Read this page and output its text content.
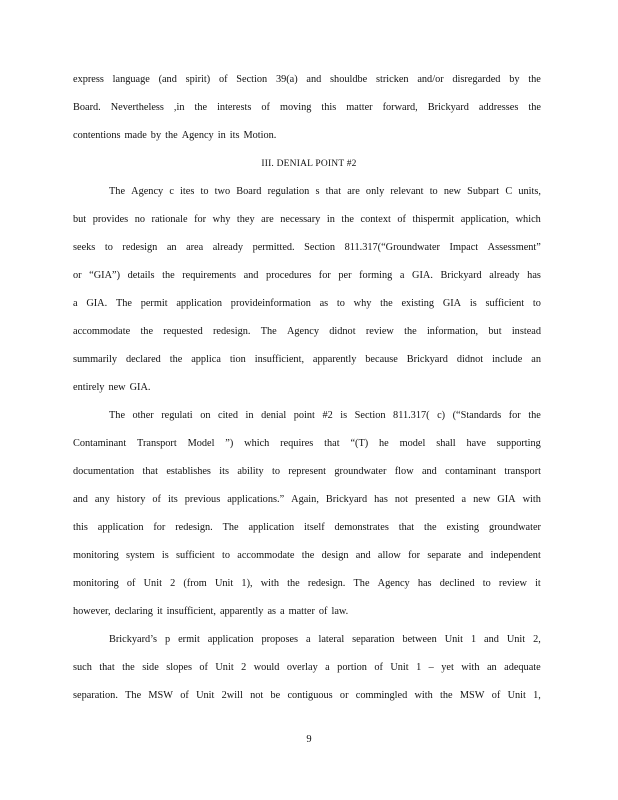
express language (and spirit) of Section 39(a) and shouldbe stricken and/or disregarded by the
Board. Nevertheless ,in the interests of moving this matter forward, Brickyard addresses the
contentions made by the Agency in its Motion.
III. DENIAL POINT #2
The Agency c ites to two Board regulation s that are only relevant to new Subpart C units,
but provides no rationale for why they are necessary in the context of thispermit application, which
seeks to redesign an area already permitted. Section 811.317(“Groundwater Impact Assessment”
or “GIA”) details the requirements and procedures for per forming a GIA. Brickyard already has
a GIA. The permit application provideinformation as to why the existing GIA is sufficient to
accommodate the requested redesign. The Agency didnot review the information, but instead
summarily declared the applica tion insufficient, apparently because Brickyard didnot include an
entirely new GIA.
The other regulati on cited in denial point #2 is Section 811.317( c) (“Standards for the
Contaminant Transport Model ”) which requires that “(T) he model shall have supporting
documentation that establishes its ability to represent groundwater flow and contaminant transport
and any history of its previous applications.” Again, Brickyard has not presented a new GIA with
this application for redesign. The application itself demonstrates that the existing groundwater
monitoring system is sufficient to accommodate the design and allow for separate and independent
monitoring of Unit 2 (from Unit 1), with the redesign. The Agency has declined to review it
however, declaring it insufficient, apparently as a matter of law.
Brickyard’s p ermit application proposes a lateral separation between Unit 1 and Unit 2,
such that the side slopes of Unit 2 would overlay a portion of Unit 1 – yet with an adequate
separation. The MSW of Unit 2will not be contiguous or commingled with the MSW of Unit 1,
9
